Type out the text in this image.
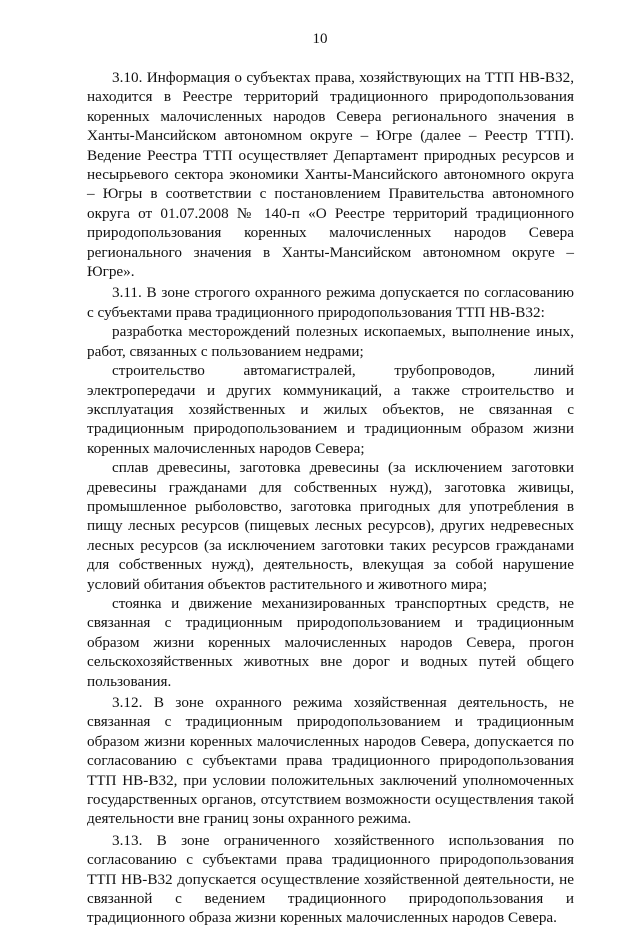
10

3.10. Информация о субъектах права, хозяйствующих на ТТП НВ-В32, находится в Реестре территорий традиционного природопользования коренных малочисленных народов Севера регионального значения в Ханты-Мансийском автономном округе – Югре (далее – Реестр ТТП). Ведение Реестра ТТП осуществляет Департамент природных ресурсов и несырьевого сектора экономики Ханты-Мансийского автономного округа – Югры в соответствии с постановлением Правительства автономного округа от 01.07.2008 № 140-п «О Реестре территорий традиционного природопользования коренных малочисленных народов Севера регионального значения в Ханты-Мансийском автономном округе – Югре».

3.11. В зоне строгого охранного режима допускается по согласованию с субъектами права традиционного природопользования ТТП НВ-В32:

разработка месторождений полезных ископаемых, выполнение иных, работ, связанных с пользованием недрами;

строительство автомагистралей, трубопроводов, линий электропередачи и других коммуникаций, а также строительство и эксплуатация хозяйственных и жилых объектов, не связанная с традиционным природопользованием и традиционным образом жизни коренных малочисленных народов Севера;

сплав древесины, заготовка древесины (за исключением заготовки древесины гражданами для собственных нужд), заготовка живицы, промышленное рыболовство, заготовка пригодных для употребления в пищу лесных ресурсов (пищевых лесных ресурсов), других недревесных лесных ресурсов (за исключением заготовки таких ресурсов гражданами для собственных нужд), деятельность, влекущая за собой нарушение условий обитания объектов растительного и животного мира;

стоянка и движение механизированных транспортных средств, не связанная с традиционным природопользованием и традиционным образом жизни коренных малочисленных народов Севера, прогон сельскохозяйственных животных вне дорог и водных путей общего пользования.

3.12. В зоне охранного режима хозяйственная деятельность, не связанная с традиционным природопользованием и традиционным образом жизни коренных малочисленных народов Севера, допускается по согласованию с субъектами права традиционного природопользования ТТП НВ-В32, при условии положительных заключений уполномоченных государственных органов, отсутствием возможности осуществления такой деятельности вне границ зоны охранного режима.

3.13. В зоне ограниченного хозяйственного использования по согласованию с субъектами права традиционного природопользования ТТП НВ-В32 допускается осуществление хозяйственной деятельности, не связанной с ведением традиционного природопользования и традиционного образа жизни коренных малочисленных народов Севера.
